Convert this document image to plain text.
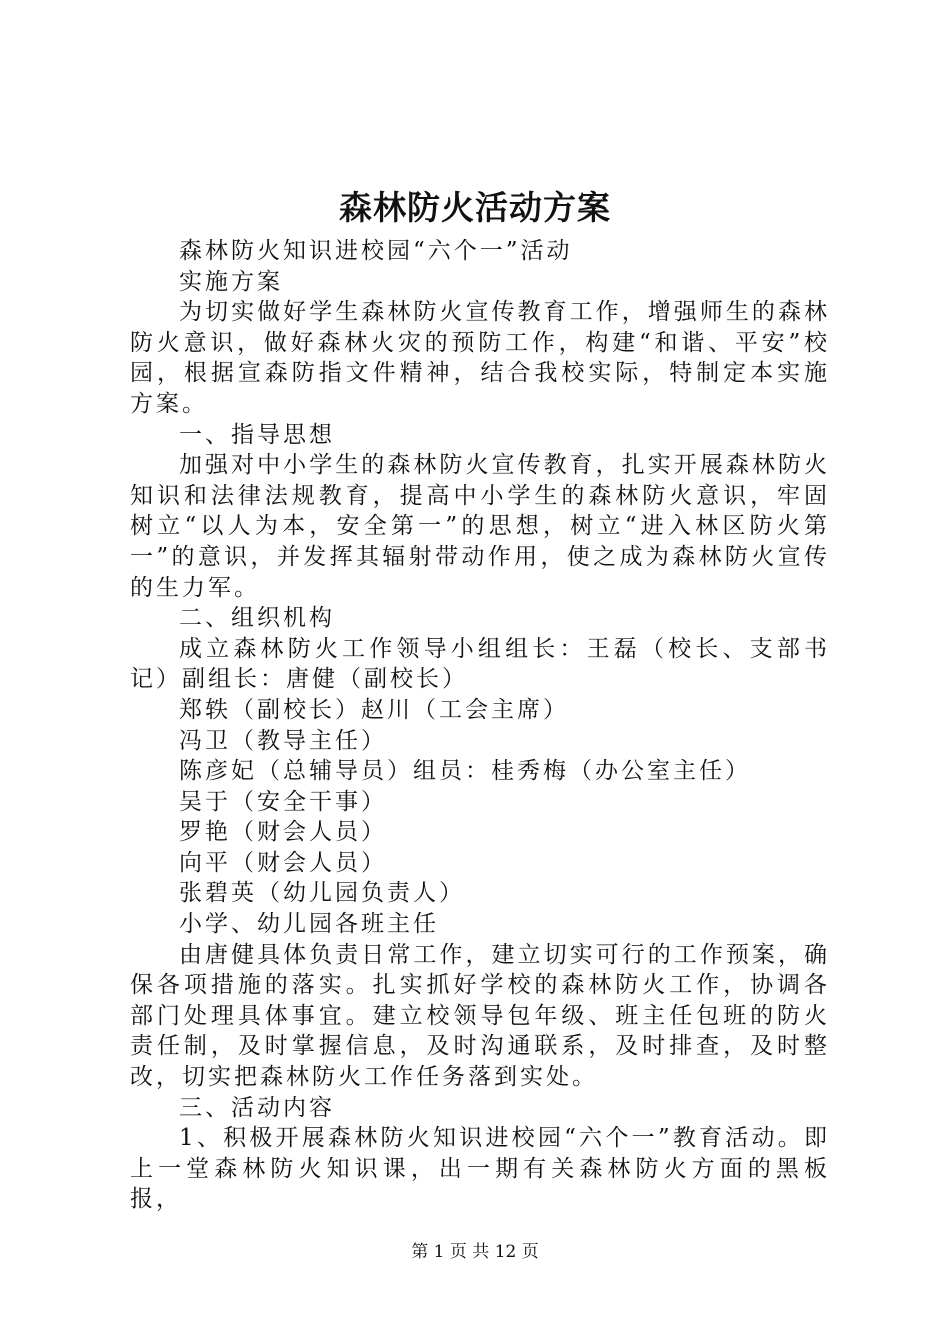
森林防火活动方案

森林防火知识进校园“六个一”活动

实施方案

为切实做好学生森林防火宣传教育工作，增强师生的森林防火意识，做好森林火灾的预防工作，构建“和谐、平安”校园，根据宣森防指文件精神，结合我校实际，特制定本实施方案。

一、指导思想

加强对中小学生的森林防火宣传教育，扎实开展森林防火知识和法律法规教育，提高中小学生的森林防火意识，牢固树立“以人为本，安全第一”的思想，树立“进入林区防火第一”的意识，并发挥其辐射带动作用，使之成为森林防火宣传的生力军。

二、组织机构

成立森林防火工作领导小组组长：王磊（校长、支部书记）副组长：唐健（副校长）

郑轶（副校长）赵川（工会主席）

冯卫（教导主任）

陈彦妃（总辅导员）组员：桂秀梅（办公室主任）

吴于（安全干事）

罗艳（财会人员）

向平（财会人员）

张碧英（幼儿园负责人）

小学、幼儿园各班主任

由唐健具体负责日常工作，建立切实可行的工作预案，确保各项措施的落实。扎实抓好学校的森林防火工作，协调各部门处理具体事宜。建立校领导包年级、班主任包班的防火责任制，及时掌握信息，及时沟通联系，及时排查，及时整改，切实把森林防火工作任务落到实处。

三、活动内容

1、积极开展森林防火知识进校园“六个一”教育活动。即上一堂森林防火知识课，出一期有关森林防火方面的黑板报，

第 1 页 共 12 页
